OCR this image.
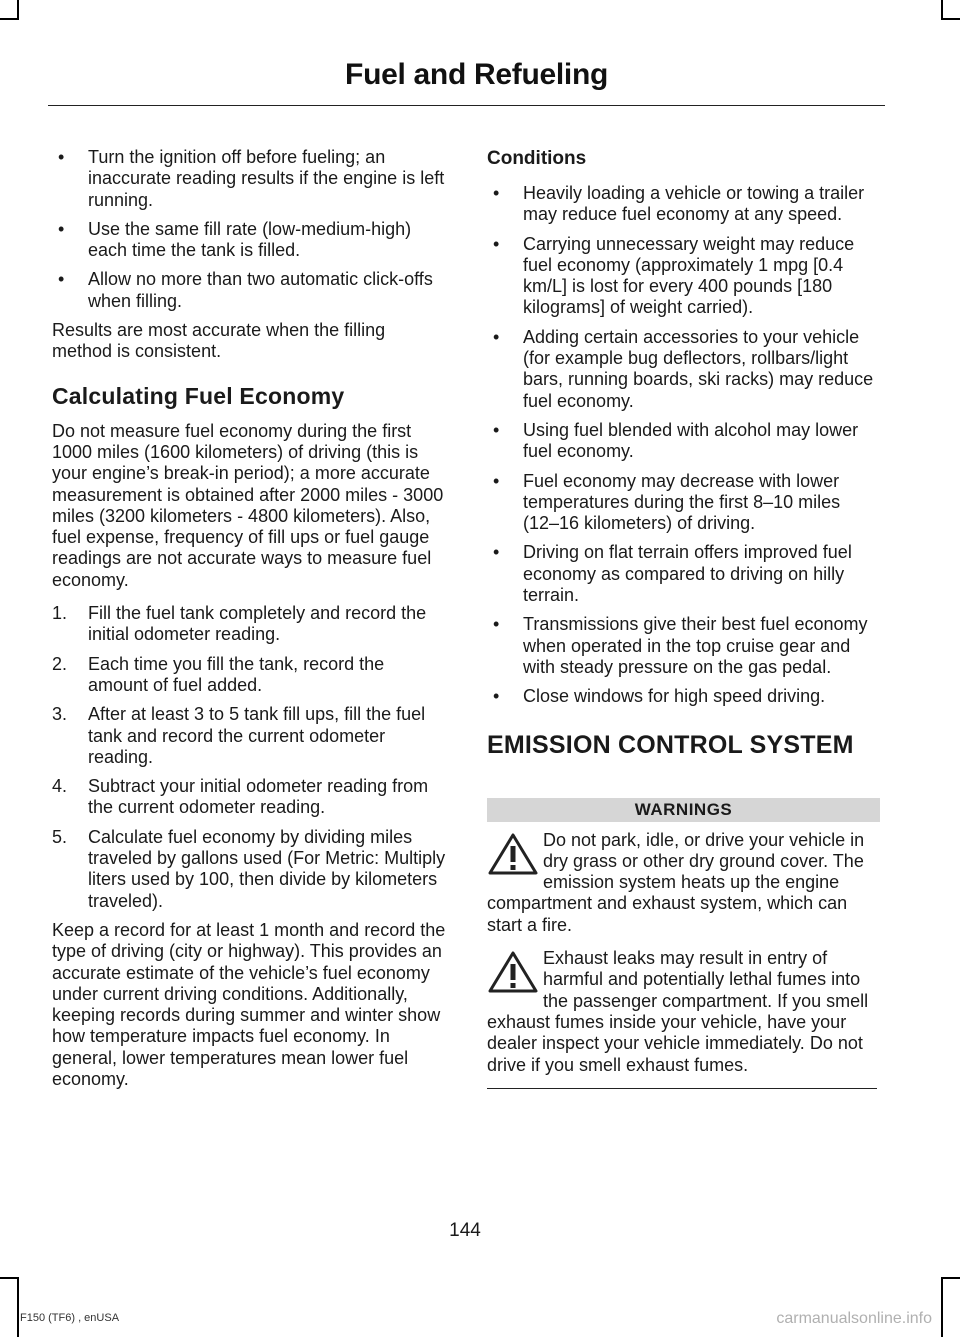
Fuel and Refueling
• Turn the ignition off before fueling; an inaccurate reading results if the engine is left running.
• Use the same fill rate (low-medium-high) each time the tank is filled.
• Allow no more than two automatic click-offs when filling.

Results are most accurate when the filling method is consistent.

Calculating Fuel Economy

Do not measure fuel economy during the first 1000 miles (1600 kilometers) of driving (this is your engine’s break-in period); a more accurate measurement is obtained after 2000 miles - 3000 miles (3200 kilometers - 4800 kilometers). Also, fuel expense, frequency of fill ups or fuel gauge readings are not accurate ways to measure fuel economy.

1. Fill the fuel tank completely and record the initial odometer reading.
2. Each time you fill the tank, record the amount of fuel added.
3. After at least 3 to 5 tank fill ups, fill the fuel tank and record the current odometer reading.
4. Subtract your initial odometer reading from the current odometer reading.
5. Calculate fuel economy by dividing miles traveled by gallons used (For Metric: Multiply liters used by 100, then divide by kilometers traveled).

Keep a record for at least 1 month and record the type of driving (city or highway). This provides an accurate estimate of the vehicle’s fuel economy under current driving conditions. Additionally, keeping records during summer and winter show how temperature impacts fuel economy. In general, lower temperatures mean lower fuel economy.

Conditions
• Heavily loading a vehicle or towing a trailer may reduce fuel economy at any speed.
• Carrying unnecessary weight may reduce fuel economy (approximately 1 mpg [0.4 km/L] is lost for every 400 pounds [180 kilograms] of weight carried).
• Adding certain accessories to your vehicle (for example bug deflectors, rollbars/light bars, running boards, ski racks) may reduce fuel economy.
• Using fuel blended with alcohol may lower fuel economy.
• Fuel economy may decrease with lower temperatures during the first 8–10 miles (12–16 kilometers) of driving.
• Driving on flat terrain offers improved fuel economy as compared to driving on hilly terrain.
• Transmissions give their best fuel economy when operated in the top cruise gear and with steady pressure on the gas pedal.
• Close windows for high speed driving.
EMISSION CONTROL SYSTEM
WARNINGS

Do not park, idle, or drive your vehicle in dry grass or other dry ground cover. The emission system heats up the engine compartment and exhaust system, which can start a fire.

Exhaust leaks may result in entry of harmful and potentially lethal fumes into the passenger compartment. If you smell exhaust fumes inside your vehicle, have your dealer inspect your vehicle immediately. Do not drive if you smell exhaust fumes.

144
F150 (TF6) , enUSA	carmanualsonline.info
